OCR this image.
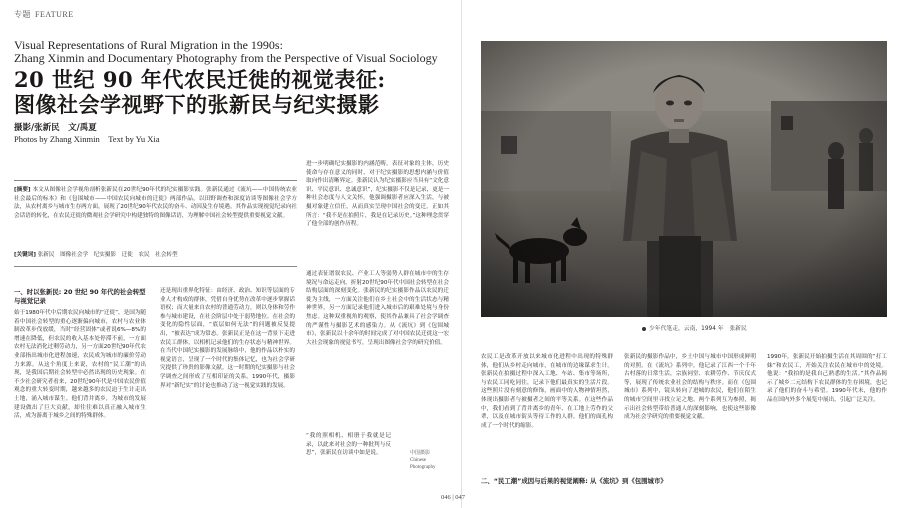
专题 FEATURE
Visual Representations of Rural Migration in the 1990s:
Zhang Xinmin and Documentary Photography from the Perspective of Visual Sociology
20 世纪 90 年代农民迁徙的视觉表征:
图像社会学视野下的张新民与纪实摄影
摄影/张新民　文/禹夏
Photos by Zhang Xinmin　Text by Yu Xia
[摘要] 本文从图像社会学视角剖析张新民在20世纪90年代的纪实摄影实践。张新民通过《流坑——中国传统农业社会最后的标本》和《包围城市——中国农民向城市的迁徙》两部作品，以田野调查和深度访谈等图像社会学方法，从农村离乡与城市生存两方面，展现了20世纪90年代农民的奋斗、动因及生存境遇。其作品实现视觉纪录向社会话语的转化，在农民迁徙的微观社会学研究中构建独特的图像话语，为理解中国社会转型提供重要视觉文献。
[关键词] 张新民　图像社会学　纪实摄影　迁徙　农民　社会转型
一、时以张新民: 20 世纪 90 年代的社会转型与视觉记录
始于1980年代中后期农民向城市的“迁徙”，是国为随着中国社会转型的重心逐渐偏向城市，农村与农业体制改革步伐放缓，当时“经营固体”或者说6%—8%的增速在降低，但农民的收入基本处停滞不前，一方面农村无法消化过剩劳动力，另一方面20世纪90年代农业部指出城市化进程加速，农民成为城市的廉价劳动力来源。从这个角度上来说，农村的“民工潮”的出现，是我国后期社会转型中必然出现的历史现象。在不少社会研究者看来，20世纪90年代是中国农民价值观念的重大转变时期，越来越多的农民迫于生计走出土地，涌入城市谋生。他们背井离乡，为城市的发展建设做出了巨大贡献，却往往难以真正融入城市生活，成为游离于城乡之间的特殊群体。
还是现出重界化特征：由经济、政治、知识等层面的专业人才构成的群体，凭借自身优势在改革中逐步掌握话语权；而大量来自农村的普通劳动力，则以身体和劳作参与城市建设，在社会阶层中处于弱势地位。在社会的变化的隐性层面，“底层如何无法”的问题被反复提出，“被表达”成为常态。张新民正是在这一背景下走进农民工群体，以相机记录他们的生存状态与精神世界。在当代中国纪实摄影的发展脉络中，他的作品以朴实的视觉语言，呈现了一个时代的集体记忆，也为社会学研究提供了珍贵的影像文献。这一时期的纪实摄影与社会学调查之间形成了互相印证的关系。1990年代，摄影界对“新纪实”的讨论也推动了这一视觉实践的发展。
进一步明确纪实摄影的内涵范畴，表征对象的主体，历史使命与存在意义的同时，对于纪实摄影的思想内涵与价值取向作出清晰界定。张新民认为纪实摄影应当具有“文化意识、平民意识、忠诚意识”，纪实摄影不仅是记录，更是一种社会态度与人文关怀。他强调摄影者应深入生活，与被摄对象建立信任，从而真实呈现中国社会的变迁。正如其所言：“我不是在拍照片，我是在记录历史。”这种理念贯穿了他全部的创作历程。
通过表征谱叙农民、产业工人等弱势人群在城市中的生存境况与命运走向，折射20世纪90年代中国社会转型在社会结构层面的深刻变化。张新民的纪实摄影作品以农民的迁徙为主线，一方面关注他们在乡土社会中的生活状态与精神世界，另一方面记录他们进入城市后的艰难处境与身份焦虑。这种双重视角的观察，使其作品兼具了社会学调查的严谨性与摄影艺术的感染力。从《流坑》到《包围城市》，张新民以十余年的时间完成了对中国农民迁徙这一宏大社会现象的视觉书写，呈现出图像社会学的研究价值。
“我的照相机、相册于我就是记录，以此来对社会的一种批判与反思”，张新民在访谈中如是说。	中国摄影
Chinese Photography
少年代笔走，云南，1994 年　张新民
农民工是改革开放以来城市化进程中出现的特殊群体，他们从乡村走向城市，在城市的边缘谋求生计。张新民在拍摄过程中深入工地、车站、集市等场所，与农民工同吃同住，记录下他们最真实的生活片段。这些照片没有刻意的修饰，画面中的人物神情坦然，体现出摄影者与被摄者之间的平等关系。在这些作品中，我们看到了背井离乡的青年、在工地上劳作的父辈，以及在城市街头等待工作的人群。他们的面孔构成了一个时代的缩影。
张新民的摄影作品中，乡土中国与城市中国形成鲜明的对照。在《流坑》系列中，他记录了江西一个千年古村落的日常生活，宗族祠堂、农耕劳作、节庆仪式等，展现了传统农业社会的结构与秩序。而在《包围城市》系列中，镜头转向了进城的农民，他们在陌生的城市空间里寻找立足之地。两个系列互为参照，揭示出社会转型带给普通人的深刻影响，也使这些影像成为社会学研究的重要视觉文献。
1990年，张新民开始拍摄生活在其周围的“打工妹”和农民工，开始关注农民在城市中的处境。他说：“我拍的是我自己熟悉的生活。”其作品揭示了城乡二元结构下农民群体的生存困境，也记录了他们的奋斗与希望。1990年代末，他的作品在国内外多个展览中展出，引起广泛关注。
二、“民工潮”成因与后果的视觉阐释: 从《流坑》到《包围城市》
046 | 047
